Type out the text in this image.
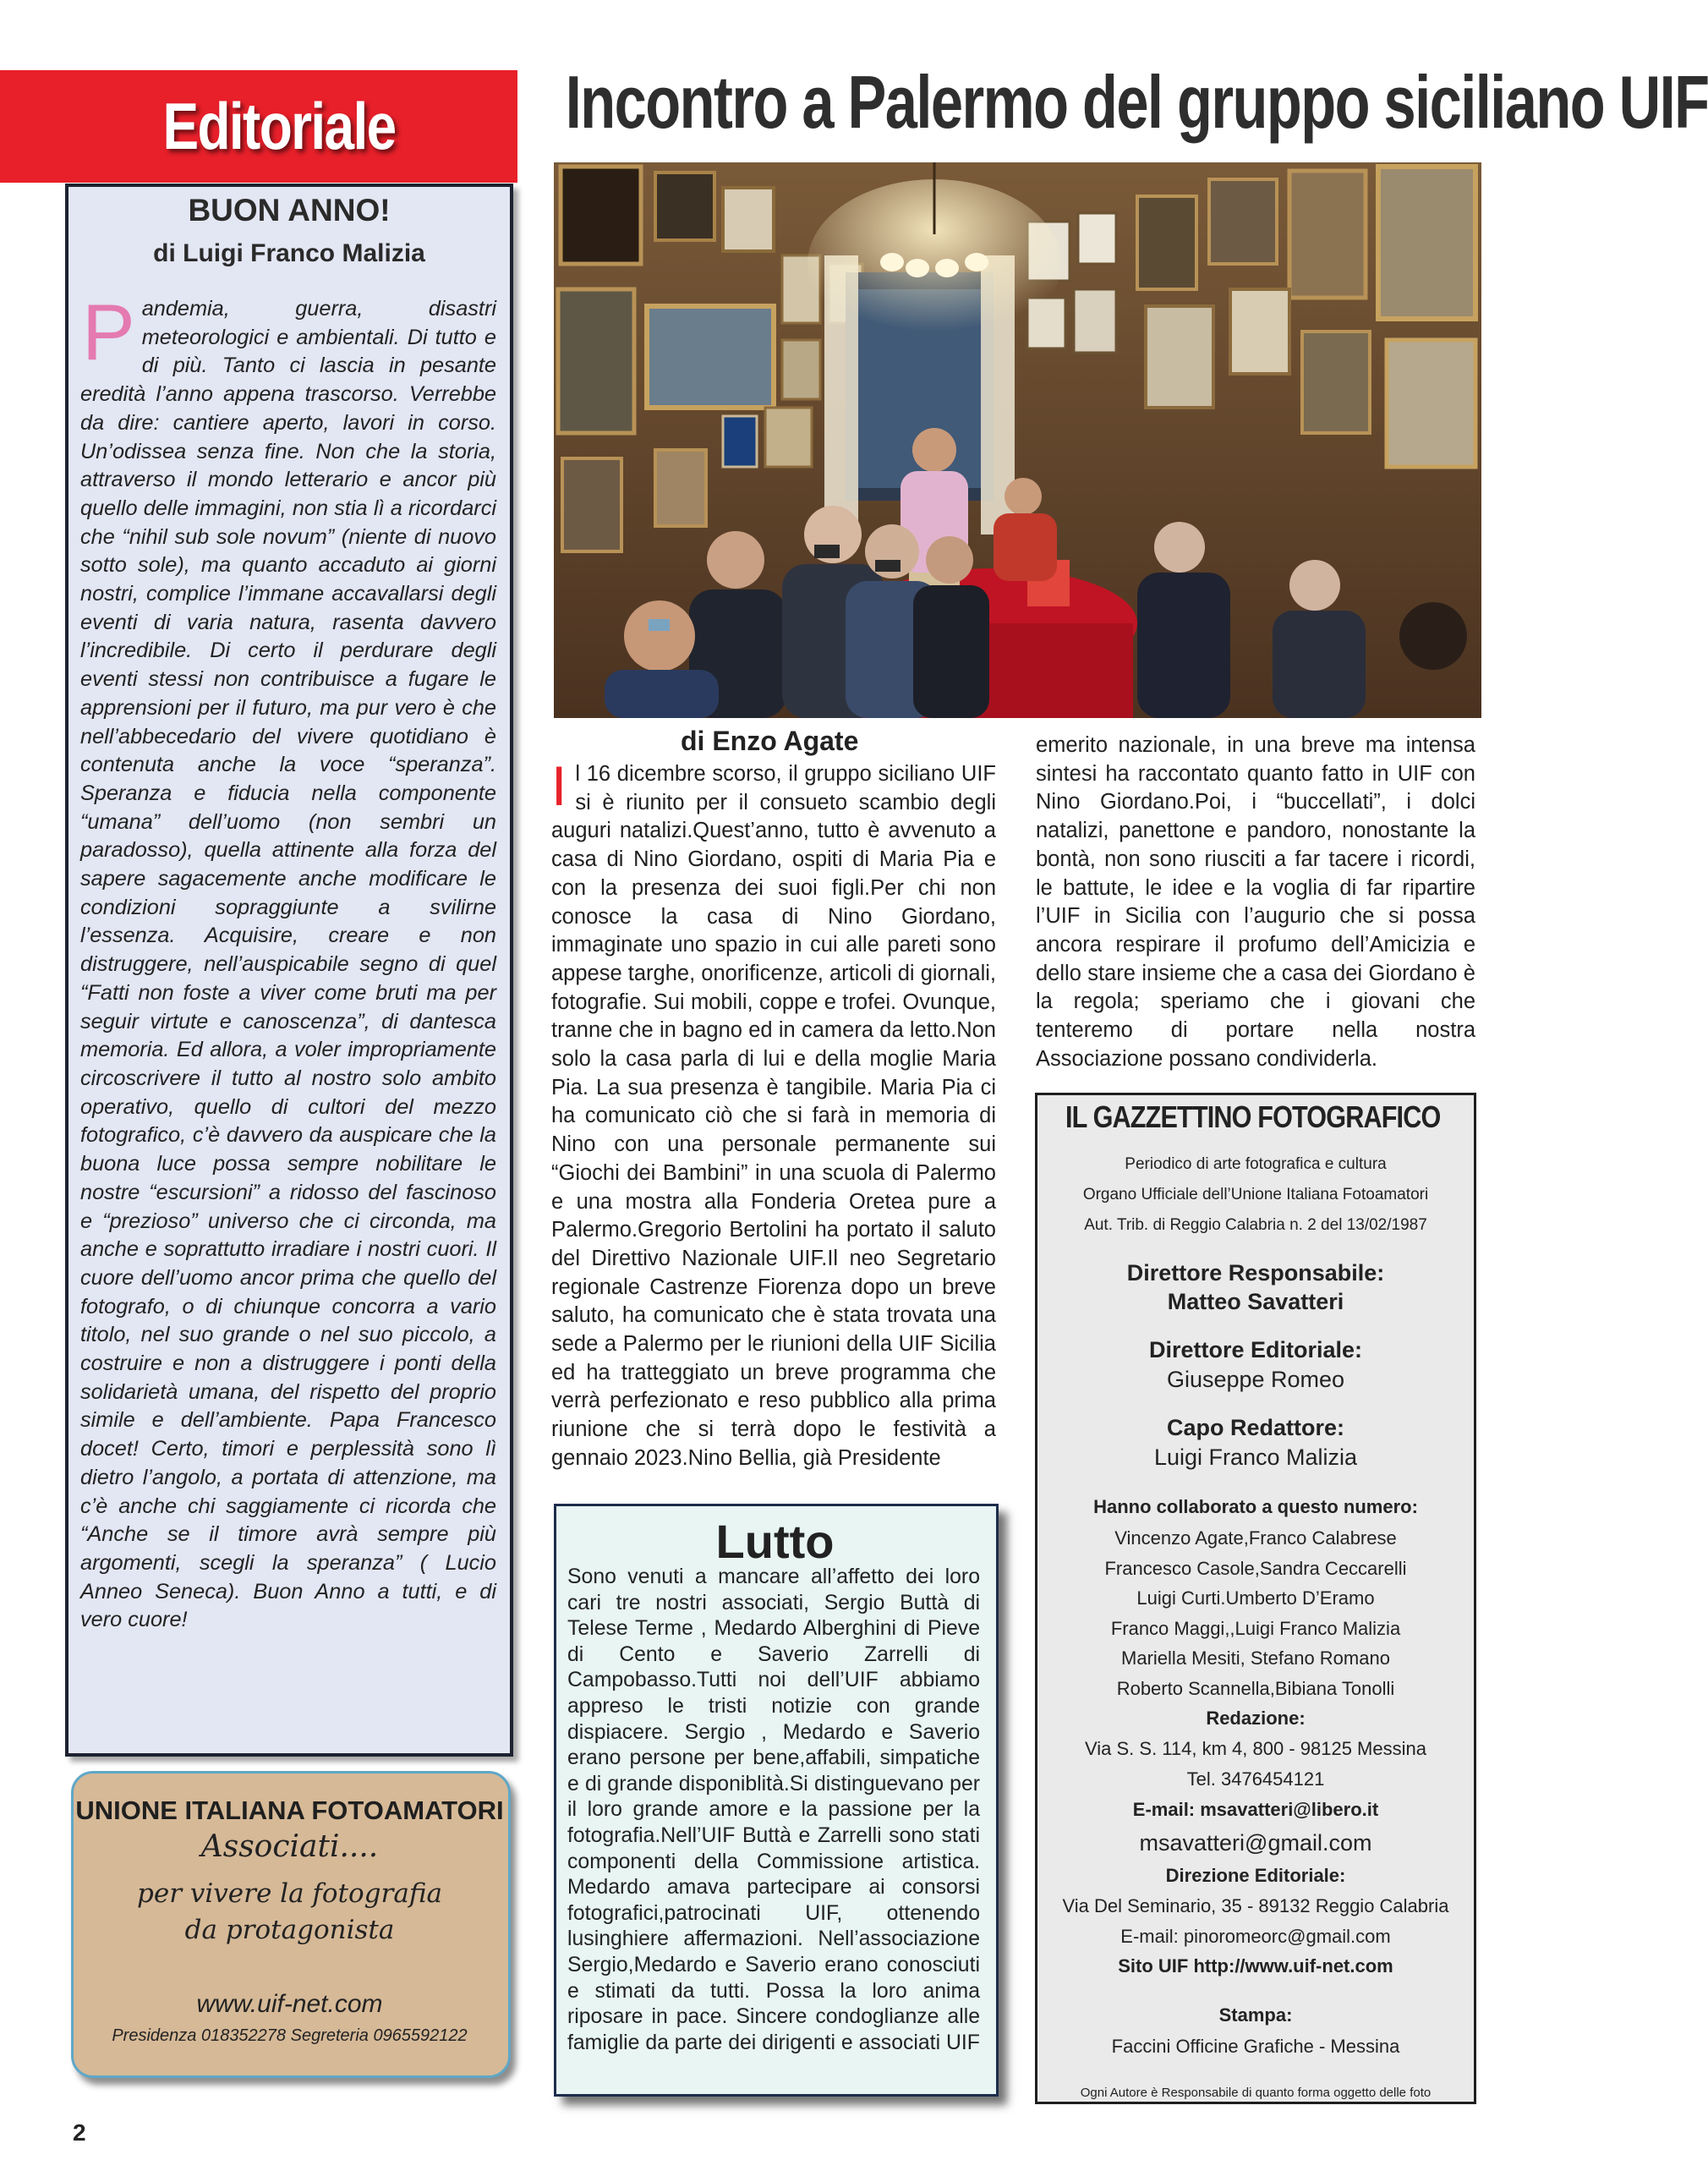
Editoriale	Incontro a Palermo del gruppo siciliano UIF
BUON ANNO!
di Luigi Franco Malizia
Pandemia, guerra, disastri meteorologici e ambientali. Di tutto e di più. Tanto ci lascia in pesante eredità l’anno appena trascorso. Verrebbe da dire: cantiere aperto, lavori in corso. Un’odissea senza fine. Non che la storia, attraverso il mondo letterario e ancor più quello delle immagini, non stia lì a ricordarci che “nihil sub sole novum” (niente di nuovo sotto sole), ma quanto accaduto ai giorni nostri, complice l’immane accavallarsi degli eventi di varia natura, rasenta davvero l’incredibile. Di certo il perdurare degli eventi stessi non contribuisce a fugare le apprensioni per il futuro, ma pur vero è che nell’abbecedario del vivere quotidiano è contenuta anche la voce “speranza”. Speranza e fiducia nella componente “umana” dell’uomo (non sembri un paradosso), quella attinente alla forza del sapere sagacemente anche modificare le condizioni sopraggiunte a svilirne l’essenza. Acquisire, creare e non distruggere, nell’auspicabile segno di quel “Fatti non foste a viver come bruti ma per seguir virtute e canoscenza”, di dantesca memoria. Ed allora, a voler impropriamente circoscrivere il tutto al nostro solo ambito operativo, quello di cultori del mezzo fotografico, c’è davvero da auspicare che la buona luce possa sempre nobilitare le nostre “escursioni” a ridosso del fascinoso e “prezioso” universo che ci circonda, ma anche e soprattutto irradiare i nostri cuori. Il cuore dell’uomo ancor prima che quello del fotografo, o di chiunque concorra a vario titolo, nel suo grande o nel suo piccolo, a costruire e non a distruggere i ponti della solidarietà umana, del rispetto del proprio simile e dell’ambiente. Papa Francesco docet! Certo, timori e perplessità sono lì dietro l’angolo, a portata di attenzione, ma c’è anche chi saggiamente ci ricorda che “Anche se il timore avrà sempre più argomenti, scegli la speranza” ( Lucio Anneo Seneca). Buon Anno a tutti, e di vero cuore!
UNIONE ITALIANA FOTOAMATORI
Associati....
per vivere la fotografia
da protagonista
www.uif-net.com
Presidenza 018352278 Segreteria 0965592122
2
di Enzo Agate
Il 16 dicembre scorso, il gruppo siciliano UIF si è riunito per il consueto scambio degli auguri natalizi.Quest’anno, tutto è avvenuto a casa di Nino Giordano, ospiti di Maria Pia e con la presenza dei suoi figli.Per chi non conosce la casa di Nino Giordano, immaginate uno spazio in cui alle pareti sono appese targhe, onorificenze, articoli di giornali, fotografie. Sui mobili, coppe e trofei. Ovunque, tranne che in bagno ed in camera da letto.Non solo la casa parla di lui e della moglie Maria Pia. La sua presenza è tangibile. Maria Pia ci ha comunicato ciò che si farà in memoria di Nino con una personale permanente sui “Giochi dei Bambini” in una scuola di Palermo e una mostra alla Fonderia Oretea pure a Palermo.Gregorio Bertolini ha portato il saluto del Direttivo Nazionale UIF.Il neo Segretario regionale Castrenze Fiorenza dopo un breve saluto, ha comunicato che è stata trovata una sede a Palermo per le riunioni della UIF Sicilia ed ha tratteggiato un breve programma che verrà perfezionato e reso pubblico alla prima riunione che si terrà dopo le festività a gennaio 2023.Nino Bellia, già Presidente
emerito nazionale, in una breve ma intensa sintesi ha raccontato quanto fatto in UIF con Nino Giordano.Poi, i “buccellati”, i dolci natalizi, panettone e pandoro, nonostante la bontà, non sono riusciti a far tacere i ricordi, le battute, le idee e la voglia di far ripartire l’UIF in Sicilia con l’augurio che si possa ancora respirare il profumo dell’Amicizia e dello stare insieme che a casa dei Giordano è la regola; speriamo che i giovani che tenteremo di portare nella nostra Associazione possano condividerla.
Lutto
Sono venuti a mancare all’affetto dei loro cari tre nostri associati, Sergio Buttà di Telese Terme , Medardo Alberghini di Pieve di Cento e Saverio Zarrelli di Campobasso.Tutti noi dell’UIF abbiamo appreso le tristi notizie con grande dispiacere. Sergio , Medardo e Saverio erano persone per bene,affabili, simpatiche e di grande disponiblità.Si distinguevano per il loro grande amore e la passione per la fotografia.Nell’UIF Buttà e Zarrelli sono stati componenti della Commissione artistica. Medardo amava partecipare ai consorsi fotografici,patrocinati UIF, ottenendo lusinghiere affermazioni. Nell’associazione Sergio,Medardo e Saverio erano conosciuti e stimati da tutti. Possa la loro anima riposare in pace. Sincere condoglianze alle famiglie da parte dei dirigenti e associati UIF
IL GAZZETTINO FOTOGRAFICO
Periodico di arte fotografica e cultura
Organo Ufficiale dell’Unione Italiana Fotoamatori
Aut. Trib. di Reggio Calabria n. 2 del 13/02/1987
Direttore Responsabile:
Matteo Savatteri
Direttore Editoriale:
Giuseppe Romeo
Capo Redattore:
Luigi Franco Malizia
Hanno collaborato a questo numero:
Vincenzo Agate,Franco Calabrese
Francesco Casole,Sandra Ceccarelli
Luigi Curti.Umberto D’Eramo
Franco Maggi,,Luigi Franco Malizia
Mariella Mesiti, Stefano Romano
Roberto Scannella,Bibiana Tonolli
Redazione:
Via S. S. 114, km 4, 800 - 98125 Messina
Tel. 3476454121
E-mail: msavatteri@libero.it
msavatteri@gmail.com
Direzione Editoriale:
Via Del Seminario, 35 - 89132 Reggio Calabria
E-mail: pinoromeorc@gmail.com
Sito UIF http://www.uif-net.com
Stampa:
Faccini Officine Grafiche - Messina
Ogni Autore è Responsabile di quanto forma oggetto delle foto
